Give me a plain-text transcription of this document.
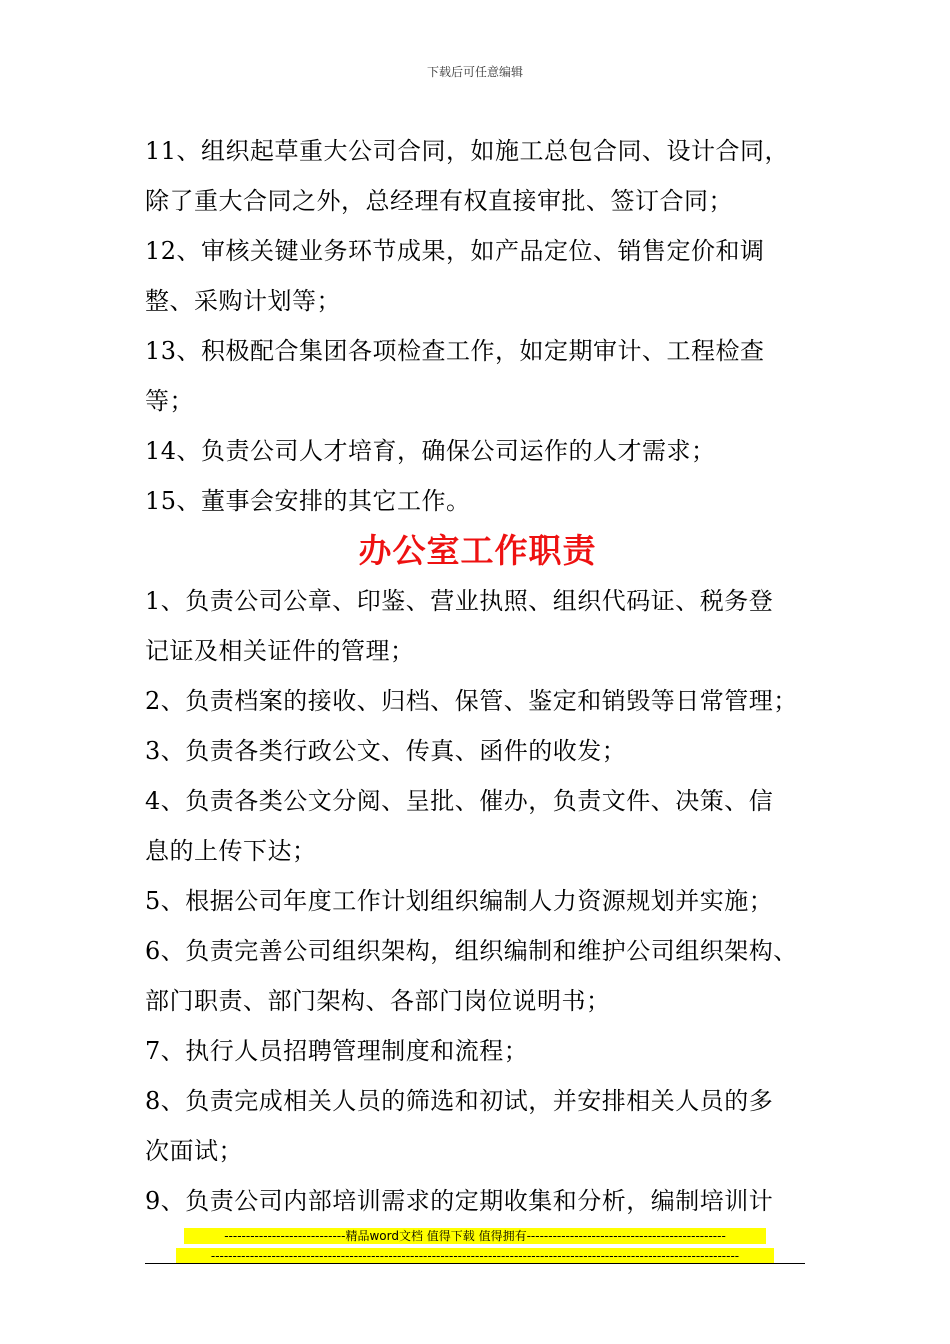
下载后可任意编辑
11、组织起草重大公司合同，如施工总包合同、设计合同，
除了重大合同之外，总经理有权直接审批、签订合同；
12、审核关键业务环节成果，如产品定位、销售定价和调
整、采购计划等；
13、积极配合集团各项检查工作，如定期审计、工程检查
等；
14、负责公司人才培育，确保公司运作的人才需求；
15、董事会安排的其它工作。
办公室工作职责
1、负责公司公章、印鉴、营业执照、组织代码证、税务登
记证及相关证件的管理；
2、负责档案的接收、归档、保管、鉴定和销毁等日常管理；
3、负责各类行政公文、传真、函件的收发；
4、负责各类公文分阅、呈批、催办，负责文件、决策、信
息的上传下达；
5、根据公司年度工作计划组织编制人力资源规划并实施；
6、负责完善公司组织架构，组织编制和维护公司组织架构、
部门职责、部门架构、各部门岗位说明书；
7、执行人员招聘管理制度和流程；
8、负责完成相关人员的筛选和初试，并安排相关人员的多
次面试；
9、负责公司内部培训需求的定期收集和分析，编制培训计
----------------------------精品word文档 值得下载 值得拥有----------------------------------------------
--------------------------------------------------------------------------------------------------------------------------
